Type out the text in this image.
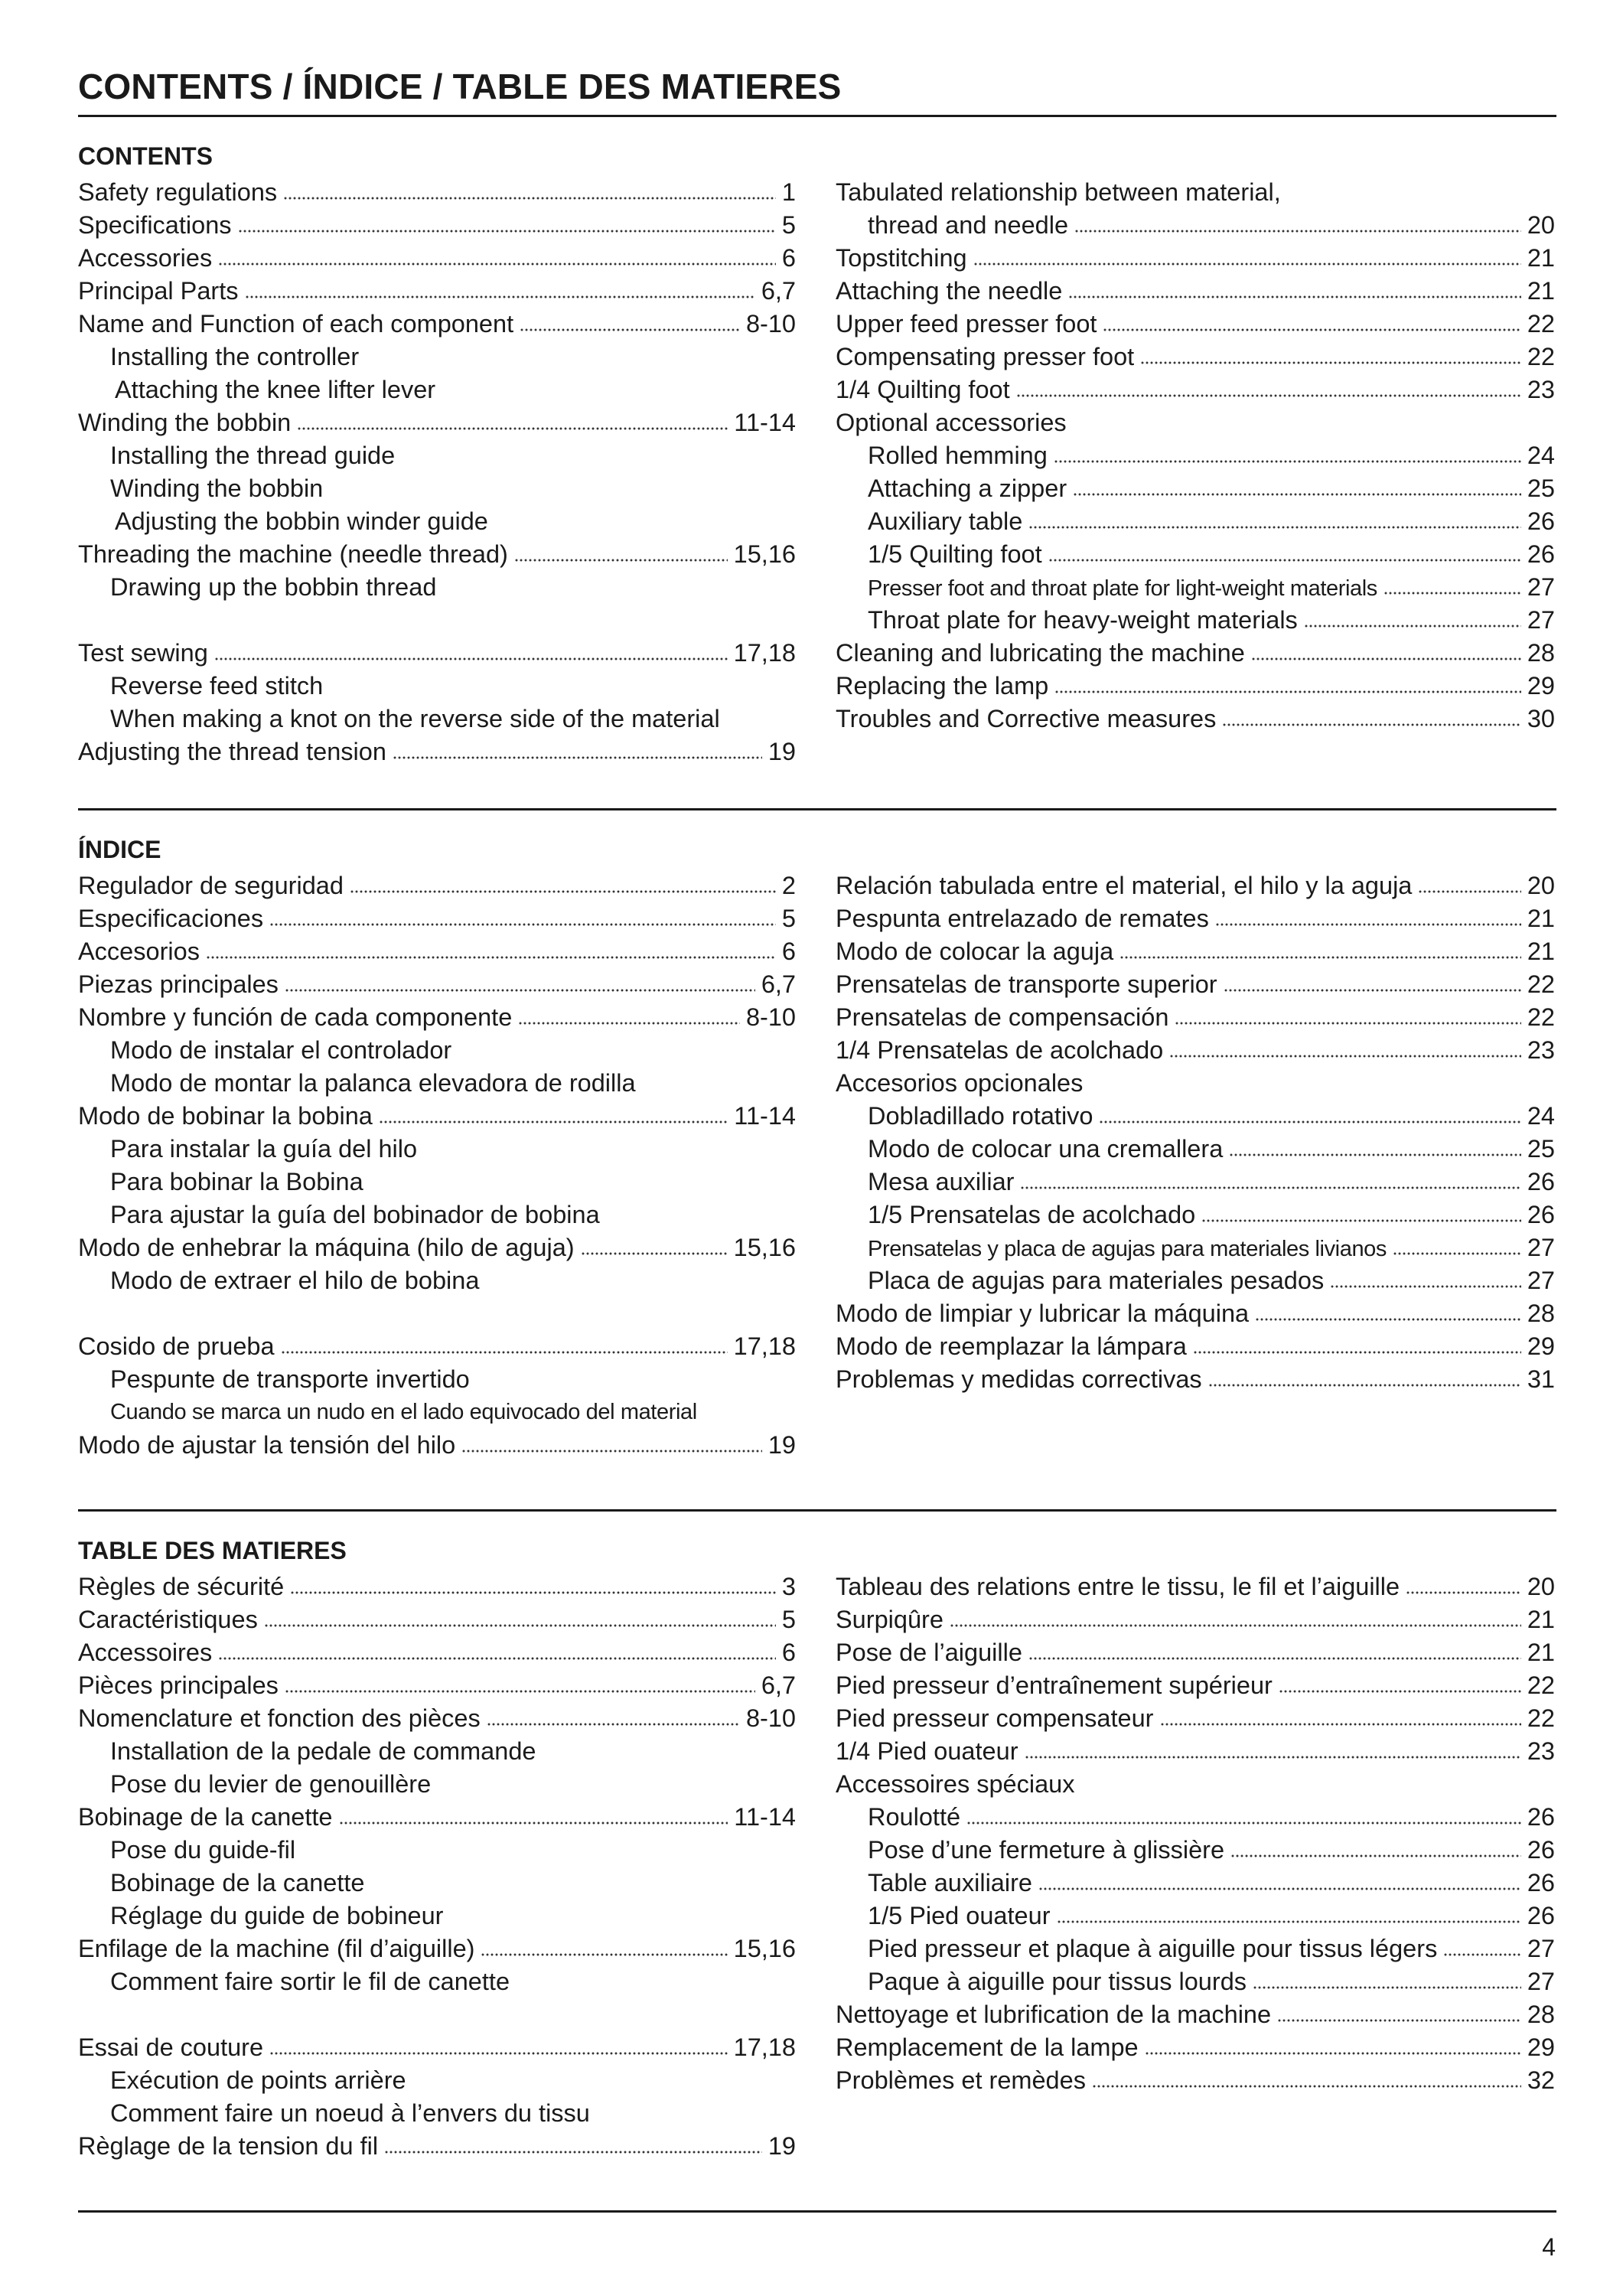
CONTENTS / ÍNDICE / TABLE DES MATIERES
CONTENTS
Safety regulations	1
Specifications	5
Accessories	6
Principal Parts	6,7
Name and Function of each component	8-10
Installing the controller
Attaching the knee lifter lever
Winding the bobbin	11-14
Installing the thread guide
Winding the bobbin
Adjusting the bobbin winder guide
Threading the machine (needle thread)	15,16
Drawing up the bobbin thread
Test sewing	17,18
Reverse feed stitch
When making a knot on the reverse side of the material
Adjusting the thread tension	19
Tabulated relationship between material,
thread and needle	20
Topstitching	21
Attaching the needle	21
Upper feed presser foot	22
Compensating presser foot	22
1/4 Quilting foot	23
Optional accessories
Rolled hemming	24
Attaching a zipper	25
Auxiliary table	26
1/5 Quilting foot	26
Presser foot and throat plate for light-weight materials	27
Throat plate for heavy-weight materials	27
Cleaning and lubricating the machine	28
Replacing the lamp	29
Troubles and Corrective measures	30
ÍNDICE
Regulador de seguridad	2
Especificaciones	5
Accesorios	6
Piezas principales	6,7
Nombre y función de cada componente	8-10
Modo de instalar el controlador
Modo de montar la palanca elevadora de rodilla
Modo de bobinar la bobina	11-14
Para instalar la guía del hilo
Para bobinar la Bobina
Para ajustar la guía del bobinador de bobina
Modo de enhebrar la máquina (hilo de aguja)	15,16
Modo de extraer el hilo de bobina
Cosido de prueba	17,18
Pespunte de transporte invertido
Cuando se marca un nudo en el lado equivocado del material
Modo de ajustar la tensión del hilo	19
Relación tabulada entre el material, el hilo y la aguja	20
Pespunta entrelazado de remates	21
Modo de colocar la aguja	21
Prensatelas de transporte superior	22
Prensatelas de compensación	22
1/4 Prensatelas de acolchado	23
Accesorios opcionales
Dobladillado rotativo	24
Modo de colocar una cremallera	25
Mesa auxiliar	26
1/5 Prensatelas de acolchado	26
Prensatelas y placa de agujas para materiales livianos	27
Placa de agujas para materiales pesados	27
Modo de limpiar y lubricar la máquina	28
Modo de reemplazar la lámpara	29
Problemas y medidas correctivas	31
TABLE DES MATIERES
Règles de sécurité	3
Caractéristiques	5
Accessoires	6
Pièces principales	6,7
Nomenclature et fonction des pièces	8-10
Installation de la pedale de commande
Pose du levier de genouillère
Bobinage de la canette	11-14
Pose du guide-fil
Bobinage de la canette
Réglage du guide de bobineur
Enfilage de la machine (fil d’aiguille)	15,16
Comment faire sortir le fil de canette
Essai de couture	17,18
Exécution de points arrière
Comment faire un noeud à l’envers du tissu
Règlage de la tension du fil	19
Tableau des relations entre le tissu, le fil et l’aiguille	20
Surpiqûre	21
Pose de l’aiguille	21
Pied presseur d’entraînement supérieur	22
Pied presseur compensateur	22
1/4 Pied ouateur	23
Accessoires spéciaux
Roulotté	26
Pose d’une fermeture à glissière	26
Table auxiliaire	26
1/5 Pied ouateur	26
Pied presseur et plaque à aiguille pour tissus légers	27
Paque à aiguille pour tissus lourds	27
Nettoyage et lubrification de la machine	28
Remplacement de la lampe	29
Problèmes et remèdes	32
4
